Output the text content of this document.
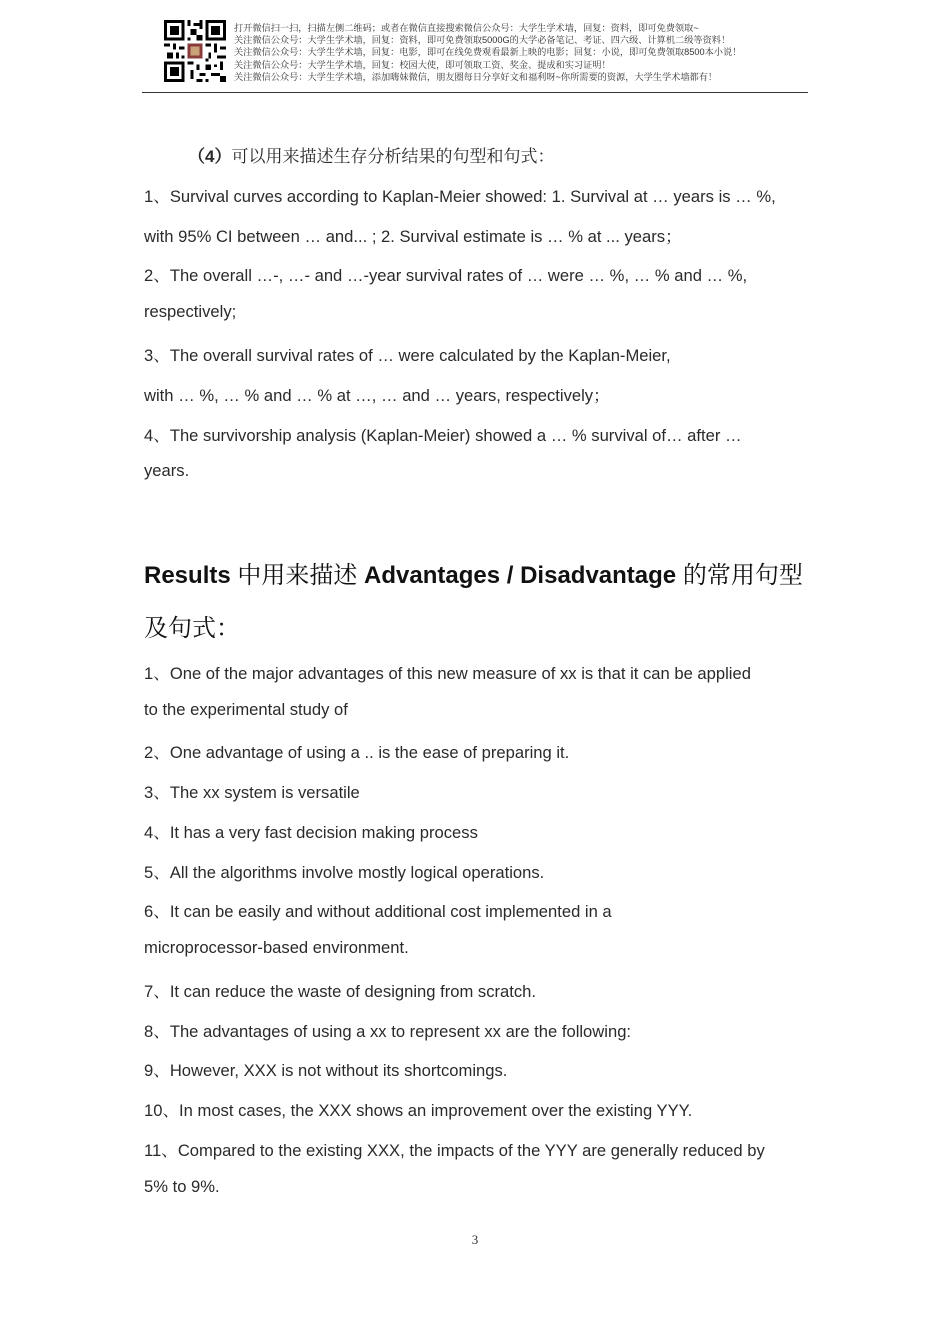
打开微信扫一扫，扫描左侧二维码；或者在微信直接搜索微信公众号：大学生学术墙，回复：资料，即可免费领取~
关注微信公众号：大学生学术墙，回复：资料，即可免费领取5000G的大学必备笔记、考证、四六级、计算机二级等资料！
关注微信公众号：大学生学术墙，回复：电影，即可在线免费观看最新上映的电影；回复：小说，即可免费领取8500本小说！
关注微信公众号：大学生学术墙，回复：校园大使，即可领取工资、奖金、提成和实习证明！
关注微信公众号：大学生学术墙，添加嗨妹微信，朋友圈每日分享好文和福利呀~你所需要的资源，大学生学术墙都有！
（4）可以用来描述生存分析结果的句型和句式：
1、Survival curves according to Kaplan-Meier showed: 1. Survival at … years is … %,
with 95% CI between … and... ; 2. Survival estimate is … % at ... years；
2、The overall …-, …- and …-year survival rates of … were … %, … % and … %,
respectively;
3、The overall survival rates of … were calculated by the Kaplan-Meier,
with … %, … % and … % at …, … and … years, respectively；
4、The survivorship analysis (Kaplan-Meier) showed a … % survival of… after …
years.
Results 中用来描述 Advantages / Disadvantage 的常用句型
及句式：
1、One of the major advantages of this new measure of xx is that it can be applied
to the experimental study of
2、One advantage of using a .. is the ease of preparing it.
3、The xx system is versatile
4、It has a very fast decision making process
5、All the algorithms involve mostly logical operations.
6、It can be easily and without additional cost implemented in a
microprocessor-based environment.
7、It can reduce the waste of designing from scratch.
8、The advantages of using a xx to represent xx are the following:
9、However, XXX is not without its shortcomings.
10、In most cases, the XXX shows an improvement over the existing YYY.
11、Compared to the existing XXX, the impacts of the YYY are generally reduced by
5% to 9%.
3
